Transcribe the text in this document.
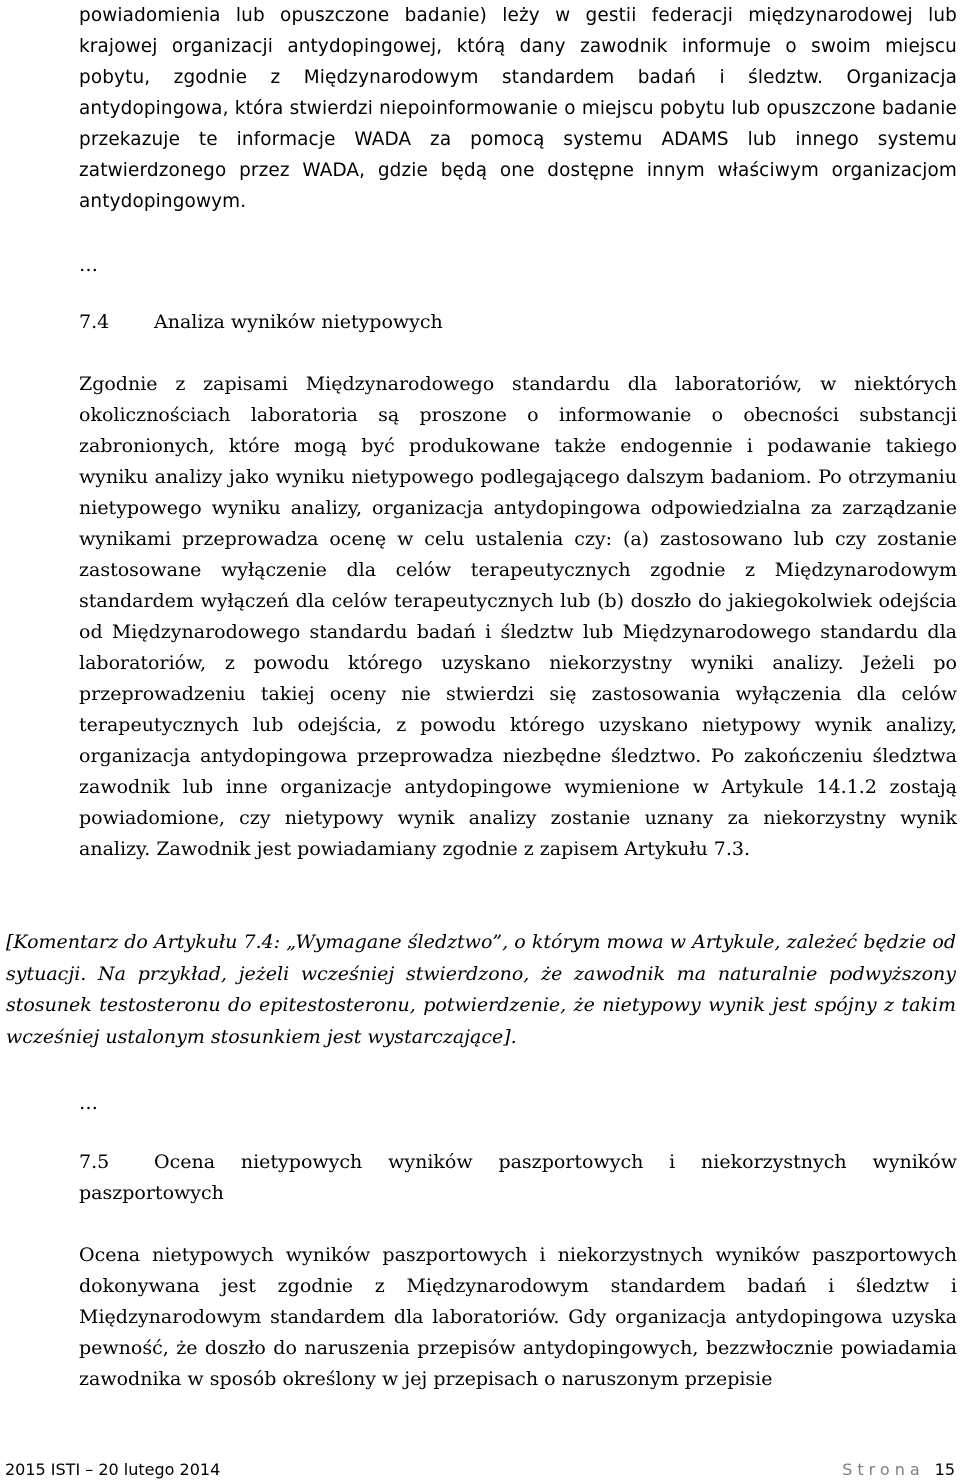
powiadomienia lub opuszczone badanie) leży w gestii federacji międzynarodowej lub krajowej organizacji antydopingowej, którą dany zawodnik informuje o swoim miejscu pobytu, zgodnie z Międzynarodowym standardem badań i śledztw. Organizacja antydopingowa, która stwierdzi niepoinformowanie o miejscu pobytu lub opuszczone badanie przekazuje te informacje WADA za pomocą systemu ADAMS lub innego systemu zatwierdzonego przez WADA, gdzie będą one dostępne innym właściwym organizacjom antydopingowym.

…

7.4 Analiza wyników nietypowych

Zgodnie z zapisami Międzynarodowego standardu dla laboratoriów, w niektórych okolicznościach laboratoria są proszone o informowanie o obecności substancji zabronionych, które mogą być produkowane także endogennie i podawanie takiego wyniku analizy jako wyniku nietypowego podlegającego dalszym badaniom. Po otrzymaniu nietypowego wyniku analizy, organizacja antydopingowa odpowiedzialna za zarządzanie wynikami przeprowadza ocenę w celu ustalenia czy: (a) zastosowano lub czy zostanie zastosowane wyłączenie dla celów terapeutycznych zgodnie z Międzynarodowym standardem wyłączeń dla celów terapeutycznych lub (b) doszło do jakiegokolwiek odejścia od Międzynarodowego standardu badań i śledztw lub Międzynarodowego standardu dla laboratoriów, z powodu którego uzyskano niekorzystny wyniki analizy. Jeżeli po przeprowadzeniu takiej oceny nie stwierdzi się zastosowania wyłączenia dla celów terapeutycznych lub odejścia, z powodu którego uzyskano nietypowy wynik analizy, organizacja antydopingowa przeprowadza niezbędne śledztwo. Po zakończeniu śledztwa zawodnik lub inne organizacje antydopingowe wymienione w Artykule 14.1.2 zostają powiadomione, czy nietypowy wynik analizy zostanie uznany za niekorzystny wynik analizy. Zawodnik jest powiadamiany zgodnie z zapisem Artykułu 7.3.

[Komentarz do Artykułu 7.4: „Wymagane śledztwo”, o którym mowa w Artykule, zależeć będzie od sytuacji. Na przykład, jeżeli wcześniej stwierdzono, że zawodnik ma naturalnie podwyższony stosunek testosteronu do epitestosteronu, potwierdzenie, że nietypowy wynik jest spójny z takim wcześniej ustalonym stosunkiem jest wystarczające].

…

7.5 Ocena nietypowych wyników paszportowych i niekorzystnych wyników paszportowych

Ocena nietypowych wyników paszportowych i niekorzystnych wyników paszportowych dokonywana jest zgodnie z Międzynarodowym standardem badań i śledztw i Międzynarodowym standardem dla laboratoriów. Gdy organizacja antydopingowa uzyska pewność, że doszło do naruszenia przepisów antydopingowych, bezzwłocznie powiadamia zawodnika w sposób określony w jej przepisach o naruszonym przepisie

2015 ISTI – 20 lutego 2014	Strona 15
